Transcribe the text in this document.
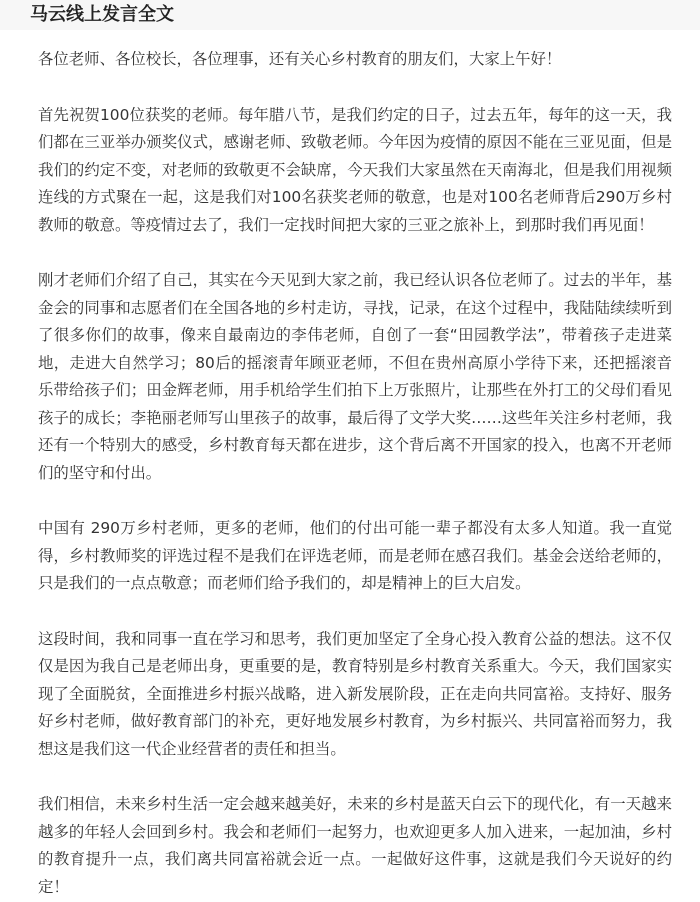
马云线上发言全文

各位老师、各位校长，各位理事，还有关心乡村教育的朋友们，大家上午好！

首先祝贺100位获奖的老师。每年腊八节，是我们约定的日子，过去五年，每年的这一天，我们都在三亚举办颁奖仪式，感谢老师、致敬老师。今年因为疫情的原因不能在三亚见面，但是我们的约定不变，对老师的致敬更不会缺席，今天我们大家虽然在天南海北，但是我们用视频连线的方式聚在一起，这是我们对100名获奖老师的敬意，也是对100名老师背后290万乡村教师的敬意。等疫情过去了，我们一定找时间把大家的三亚之旅补上，到那时我们再见面！

刚才老师们介绍了自己，其实在今天见到大家之前，我已经认识各位老师了。过去的半年，基金会的同事和志愿者们在全国各地的乡村走访，寻找，记录，在这个过程中，我陆陆续续听到了很多你们的故事，像来自最南边的李伟老师，自创了一套“田园教学法”，带着孩子走进菜地，走进大自然学习；80后的摇滚青年顾亚老师，不但在贵州高原小学待下来，还把摇滚音乐带给孩子们；田金辉老师，用手机给学生们拍下上万张照片，让那些在外打工的父母们看见孩子的成长；李艳丽老师写山里孩子的故事，最后得了文学大奖……这些年关注乡村老师，我还有一个特别大的感受，乡村教育每天都在进步，这个背后离不开国家的投入，也离不开老师们的坚守和付出。

中国有 290万乡村老师，更多的老师，他们的付出可能一辈子都没有太多人知道。我一直觉得，乡村教师奖的评选过程不是我们在评选老师，而是老师在感召我们。基金会送给老师的，只是我们的一点点敬意；而老师们给予我们的，却是精神上的巨大启发。

这段时间，我和同事一直在学习和思考，我们更加坚定了全身心投入教育公益的想法。这不仅仅是因为我自己是老师出身，更重要的是，教育特别是乡村教育关系重大。今天，我们国家实现了全面脱贫，全面推进乡村振兴战略，进入新发展阶段，正在走向共同富裕。支持好、服务好乡村老师，做好教育部门的补充，更好地发展乡村教育，为乡村振兴、共同富裕而努力，我想这是我们这一代企业经营者的责任和担当。

我们相信，未来乡村生活一定会越来越美好，未来的乡村是蓝天白云下的现代化，有一天越来越多的年轻人会回到乡村。我会和老师们一起努力，也欢迎更多人加入进来，一起加油，乡村的教育提升一点，我们离共同富裕就会近一点。一起做好这件事，这就是我们今天说好的约定！
